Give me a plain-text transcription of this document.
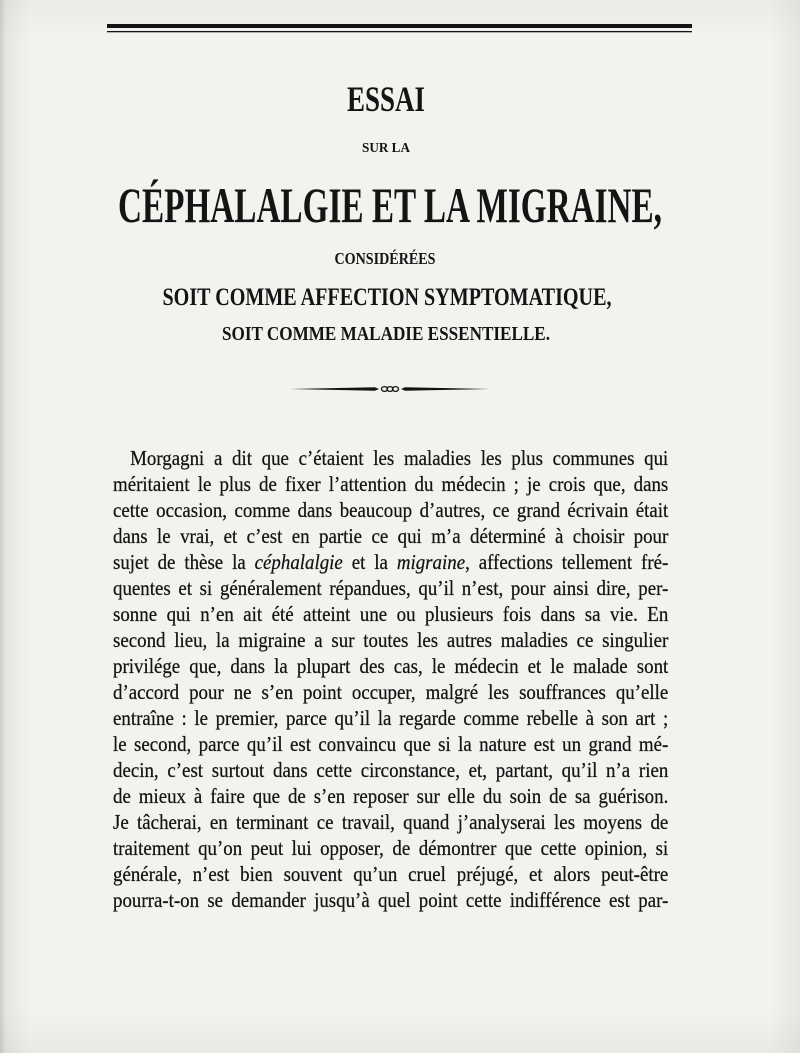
ESSAI
SUR LA
CÉPHALALGIE ET LA MIGRAINE,
CONSIDÉRÉES
SOIT COMME AFFECTION SYMPTOMATIQUE,
SOIT COMME MALADIE ESSENTIELLE.
Morgagni a dit que c’étaient les maladies les plus communes qui
méritaient le plus de fixer l’attention du médecin ; je crois que, dans
cette occasion, comme dans beaucoup d’autres, ce grand écrivain était
dans le vrai, et c’est en partie ce qui m’a déterminé à choisir pour
sujet de thèse la céphalalgie et la migraine, affections tellement fré-
quentes et si généralement répandues, qu’il n’est, pour ainsi dire, per-
sonne qui n’en ait été atteint une ou plusieurs fois dans sa vie. En
second lieu, la migraine a sur toutes les autres maladies ce singulier
privilége que, dans la plupart des cas, le médecin et le malade sont
d’accord pour ne s’en point occuper, malgré les souffrances qu’elle
entraîne : le premier, parce qu’il la regarde comme rebelle à son art ;
le second, parce qu’il est convaincu que si la nature est un grand mé-
decin, c’est surtout dans cette circonstance, et, partant, qu’il n’a rien
de mieux à faire que de s’en reposer sur elle du soin de sa guérison.
Je tâcherai, en terminant ce travail, quand j’analyserai les moyens de
traitement qu’on peut lui opposer, de démontrer que cette opinion, si
générale, n’est bien souvent qu’un cruel préjugé, et alors peut-être
pourra-t-on se demander jusqu’à quel point cette indifférence est par-
